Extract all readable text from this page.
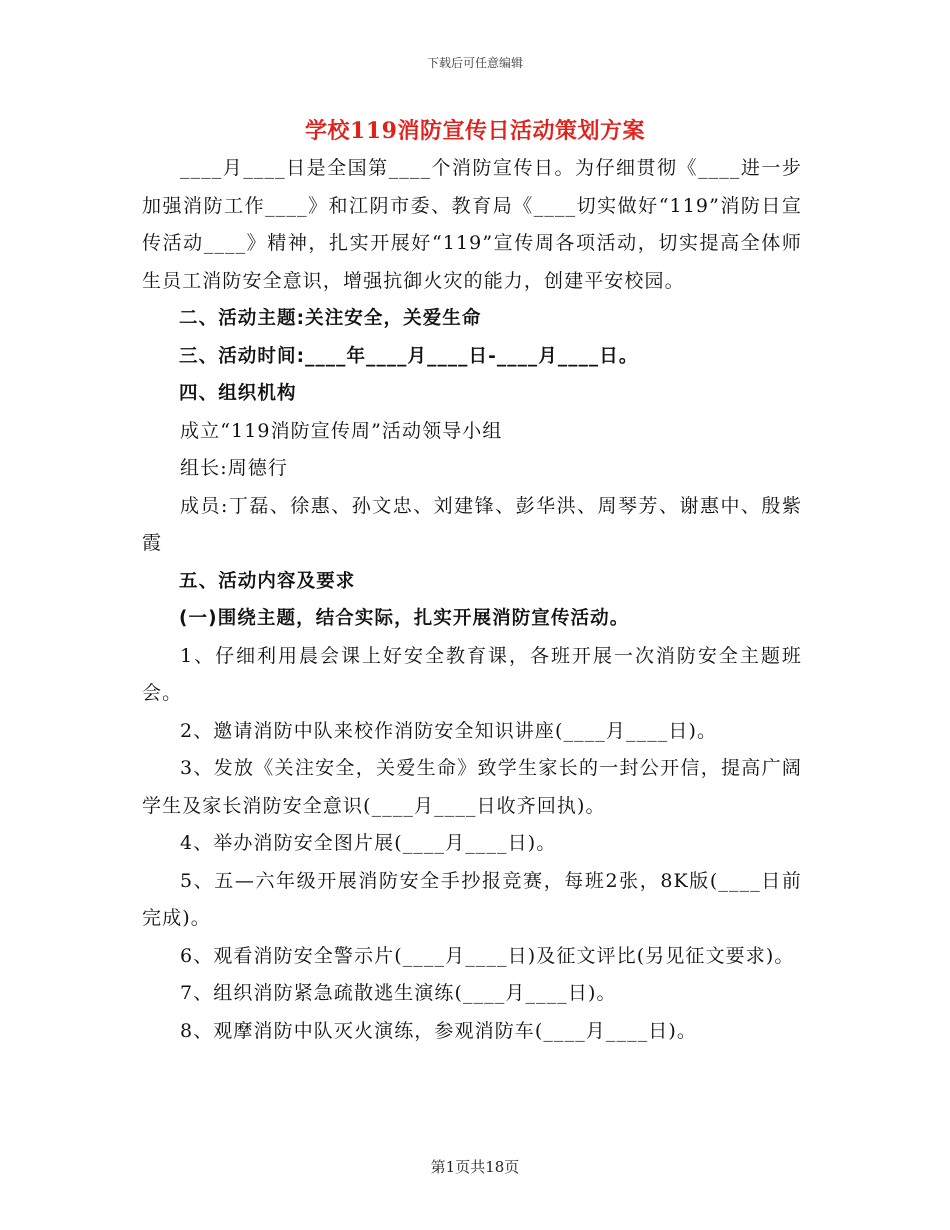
下载后可任意编辑
学校119消防宣传日活动策划方案

____月____日是全国第____个消防宣传日。为仔细贯彻《____进一步加强消防工作____》和江阴市委、教育局《____切实做好“119”消防日宣传活动____》精神，扎实开展好“119”宣传周各项活动，切实提高全体师生员工消防安全意识，增强抗御火灾的能力，创建平安校园。

二、活动主题:关注安全，关爱生命

三、活动时间:____年____月____日-____月____日。

四、组织机构

成立“119消防宣传周”活动领导小组

组长:周德行

成员:丁磊、徐惠、孙文忠、刘建锋、彭华洪、周琴芳、谢惠中、殷紫霞

五、活动内容及要求

(一)围绕主题，结合实际，扎实开展消防宣传活动。

1、仔细利用晨会课上好安全教育课，各班开展一次消防安全主题班会。

2、邀请消防中队来校作消防安全知识讲座(____月____日)。

3、发放《关注安全，关爱生命》致学生家长的一封公开信，提高广阔学生及家长消防安全意识(____月____日收齐回执)。

4、举办消防安全图片展(____月____日)。

5、五—六年级开展消防安全手抄报竞赛，每班2张，8K版(____日前完成)。

6、观看消防安全警示片(____月____日)及征文评比(另见征文要求)。

7、组织消防紧急疏散逃生演练(____月____日)。

8、观摩消防中队灭火演练，参观消防车(____月____日)。

第1页共18页
